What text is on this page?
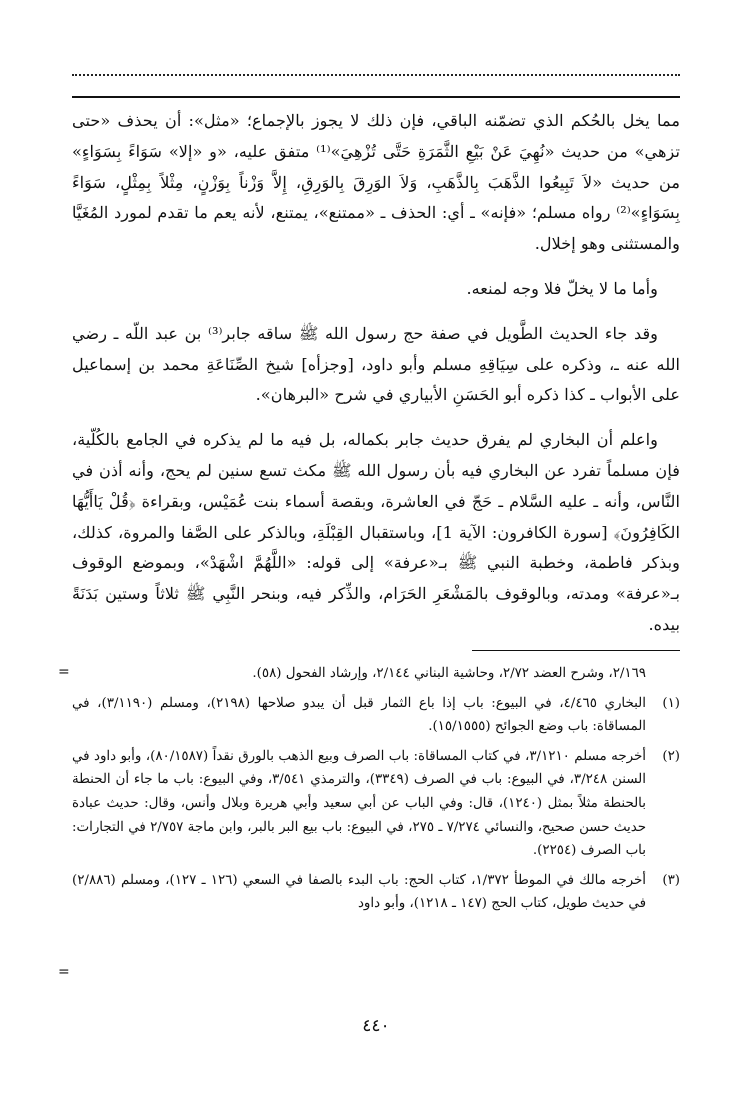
مما يخل بالحُكم الذي تضمّنه الباقي، فإن ذلك لا يجوز بالإجماع؛ «مثل»: أن يحذف «حتى تزهي» من حديث «نُهِيَ عَنْ بَيْعِ الثَّمَرَةِ حَتَّى تُزْهِيَ»⁽¹⁾ متفق عليه، «و «إلا» سَوَاءً بِسَوَاءٍ» من حديث «لاَ تَبِيعُوا الذَّهَبَ بِالذَّهَبِ، وَلاَ الوَرِقَ بِالوَرِقِ، إِلاَّ وَزْناً بِوَزْنٍ، مِثْلاً بِمِثْلٍ، سَوَاءً بِسَوَاءٍ»⁽²⁾ رواه مسلم؛ «فإنه» ـ أي: الحذف ـ «ممتنع»، يمتنع، لأنه يعم ما تقدم لمورد المُغَيَّا والمستثنى وهو إخلال.

وأما ما لا يخلّ فلا وجه لمنعه.

وقد جاء الحديث الطَّويل في صفة حج رسول الله ﷺ ساقه جابر⁽³⁾ بن عبد اللّه ـ رضي الله عنه ـ، وذكره على سِيَاقِهِ مسلم وأبو داود، [وجزأه] شيخ الصِّنَاعَةِ محمد بن إسماعيل على الأبواب ـ كذا ذكره أبو الحَسَنِ الأبياري في شرح «البرهان».

واعلم أن البخاري لم يفرق حديث جابر بكماله، بل فيه ما لم يذكره في الجامع بالكُلّية، فإن مسلماً تفرد عن البخاري فيه بأن رسول الله ﷺ مكث تسع سنين لم يحج، وأنه أذن في النَّاس، وأنه ـ عليه السَّلام ـ حَجّ في العاشرة، وبقصة أسماء بنت عُمَيْس، وبقراءة ﴿قُلْ يَاأَيُّهَا الكَافِرُونَ﴾ [سورة الكافرون: الآية 1]، وباستقبال القِبْلَةِ، وبالذكر على الصَّفا والمروة، كذلك، وبذكر فاطمة، وخطبة النبي ﷺ بـ«عرفة» إلى قوله: «اللَّهُمَّ اشْهَدْ»، وبموضع الوقوف بـ«عرفة» ومدته، وبالوقوف بالمَشْعَرِ الحَرَام، والذِّكر فيه، وبنحر النَّبِي ﷺ ثلاثاً وستين بَدَنَةً بيده.

=	٢/١٦٩، وشرح العضد ٢/٧٢، وحاشية البناني ٢/١٤٤، وإرشاد الفحول (٥٨).
(١)
البخاري ٤/٤٦٥، في البيوع: باب إذا باع الثمار قبل أن يبدو صلاحها (٢١٩٨)، ومسلم (٣/١١٩٠)، في المساقاة: باب وضع الجوائح (١٥/١٥٥٥).
(٢)
أخرجه مسلم ٣/١٢١٠، في كتاب المساقاة: باب الصرف وبيع الذهب بالورق نقداً (٨٠/١٥٨٧)، وأبو داود في السنن ٣/٢٤٨، في البيوع: باب في الصرف (٣٣٤٩)، والترمذي ٣/٥٤١، وفي البيوع: باب ما جاء أن الحنطة بالحنطة مثلاً بمثل (١٢٤٠)، قال: وفي الباب عن أبي سعيد وأبي هريرة وبلال وأنس، وقال: حديث عبادة حديث حسن صحيح، والنسائي ٧/٢٧٤ ـ ٢٧٥، في البيوع: باب بيع البر بالبر، وابن ماجة ٢/٧٥٧ في التجارات: باب الصرف (٢٢٥٤).
(٣)
أخرجه مالك في الموطأ ١/٣٧٢، كتاب الحج: باب البدء بالصفا في السعي (١٢٦ ـ ١٢٧)، ومسلم (٢/٨٨٦) في حديث طويل، كتاب الحج (١٤٧ ـ ١٢١٨)، وأبو داود
=
٤٤٠
